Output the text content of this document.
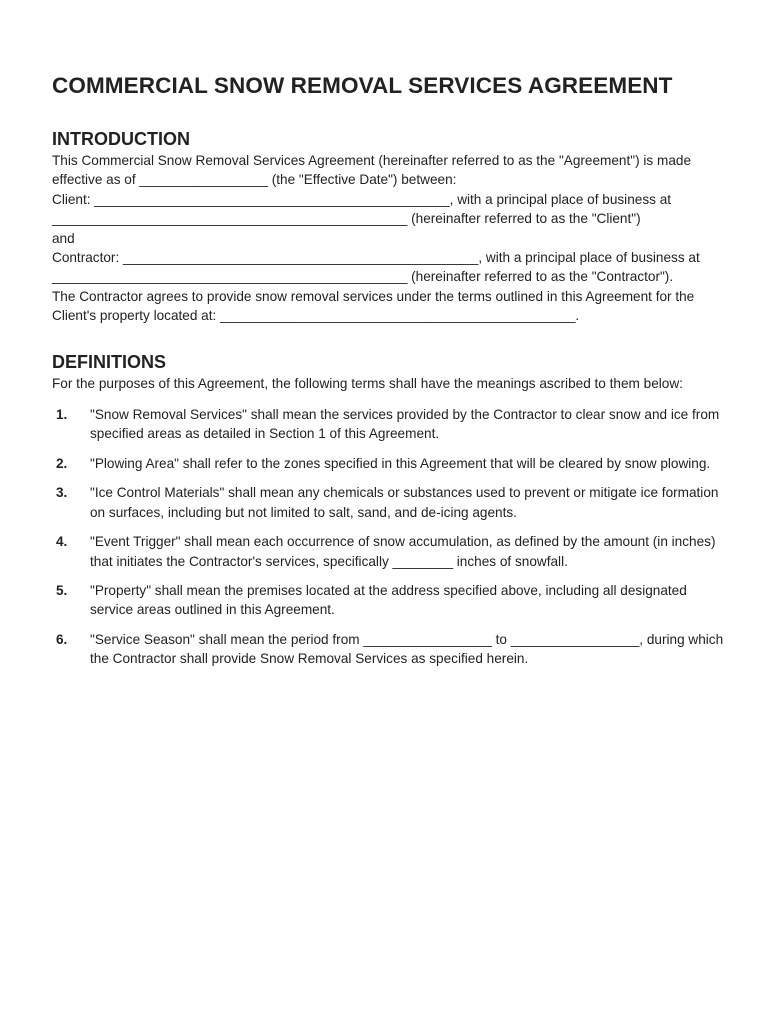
COMMERCIAL SNOW REMOVAL SERVICES AGREEMENT
INTRODUCTION

This Commercial Snow Removal Services Agreement (hereinafter referred to as the "Agreement") is made effective as of _________________ (the "Effective Date") between:

Client: _______________________________________________, with a principal place of business at _______________________________________________ (hereinafter referred to as the "Client")

and

Contractor: _______________________________________________, with a principal place of business at _______________________________________________ (hereinafter referred to as the "Contractor").

The Contractor agrees to provide snow removal services under the terms outlined in this Agreement for the Client's property located at: _______________________________________________.

DEFINITIONS

For the purposes of this Agreement, the following terms shall have the meanings ascribed to them below:

1. "Snow Removal Services" shall mean the services provided by the Contractor to clear snow and ice from specified areas as detailed in Section 1 of this Agreement.
2. "Plowing Area" shall refer to the zones specified in this Agreement that will be cleared by snow plowing.
3. "Ice Control Materials" shall mean any chemicals or substances used to prevent or mitigate ice formation on surfaces, including but not limited to salt, sand, and de-icing agents.
4. "Event Trigger" shall mean each occurrence of snow accumulation, as defined by the amount (in inches) that initiates the Contractor's services, specifically ________ inches of snowfall.
5. "Property" shall mean the premises located at the address specified above, including all designated service areas outlined in this Agreement.
6. "Service Season" shall mean the period from _________________ to _________________, during which the Contractor shall provide Snow Removal Services as specified herein.
